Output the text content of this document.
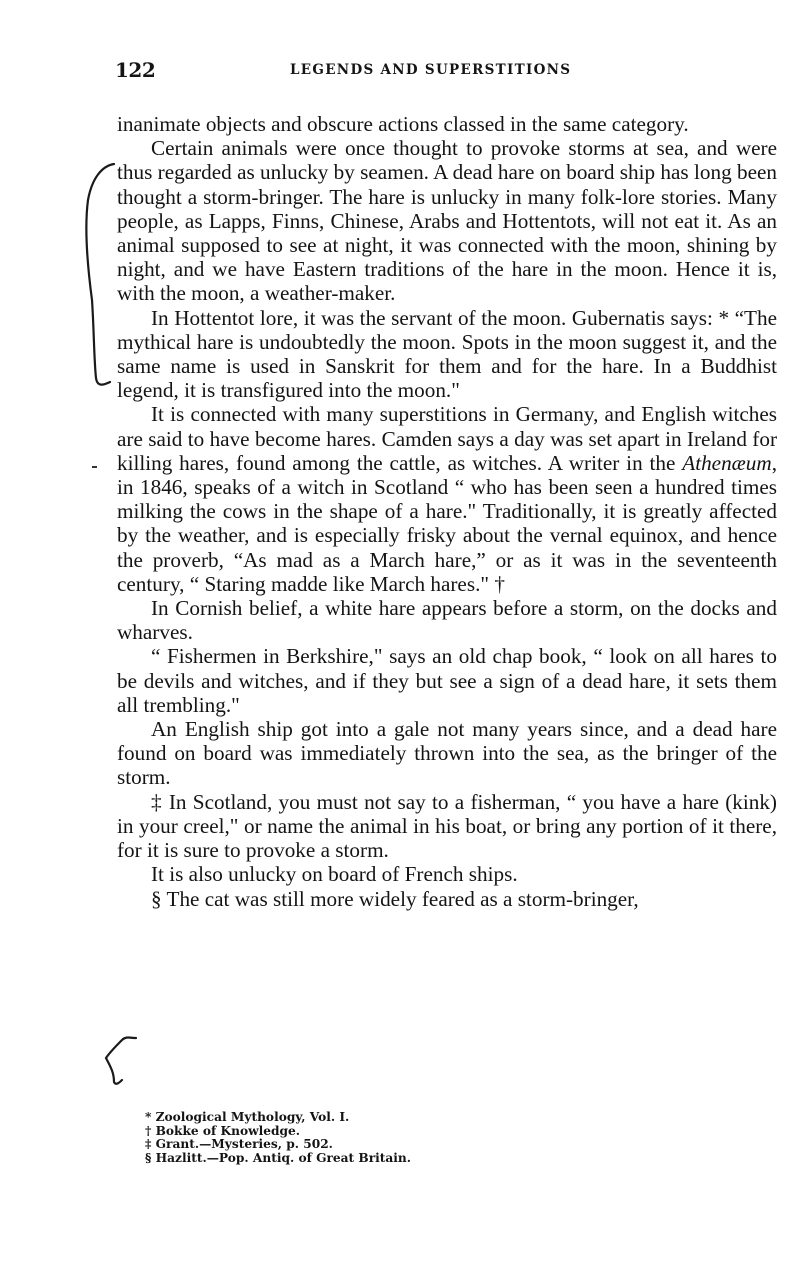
122	LEGENDS AND SUPERSTITIONS

inanimate objects and obscure actions classed in the same category.

Certain animals were once thought to provoke storms at sea, and were thus regarded as unlucky by seamen. A dead hare on board ship has long been thought a storm-bringer. The hare is unlucky in many folk-lore stories. Many people, as Lapps, Finns, Chinese, Arabs and Hottentots, will not eat it. As an animal supposed to see at night, it was connected with the moon, shining by night, and we have Eastern traditions of the hare in the moon. Hence it is, with the moon, a weather-maker.

In Hottentot lore, it was the servant of the moon. Gubernatis says: * “The mythical hare is undoubtedly the moon. Spots in the moon suggest it, and the same name is used in Sanskrit for them and for the hare. In a Buddhist legend, it is transfigured into the moon."

It is connected with many superstitions in Germany, and English witches are said to have become hares. Camden says a day was set apart in Ireland for killing hares, found among the cattle, as witches. A writer in the Athenæum, in 1846, speaks of a witch in Scotland “ who has been seen a hundred times milking the cows in the shape of a hare." Traditionally, it is greatly affected by the weather, and is especially frisky about the vernal equinox, and hence the proverb, “As mad as a March hare,” or as it was in the seventeenth century, “ Staring madde like March hares." †

In Cornish belief, a white hare appears before a storm, on the docks and wharves.

“ Fishermen in Berkshire," says an old chap book, “ look on all hares to be devils and witches, and if they but see a sign of a dead hare, it sets them all trembling."

An English ship got into a gale not many years since, and a dead hare found on board was immediately thrown into the sea, as the bringer of the storm.

‡ In Scotland, you must not say to a fisherman, “ you have a hare (kink) in your creel," or name the animal in his boat, or bring any portion of it there, for it is sure to provoke a storm.

It is also unlucky on board of French ships.

§ The cat was still more widely feared as a storm-bringer,

* Zoological Mythology, Vol. I.
† Bokke of Knowledge.
‡ Grant.—Mysteries, p. 502.
§ Hazlitt.—Pop. Antiq. of Great Britain.
